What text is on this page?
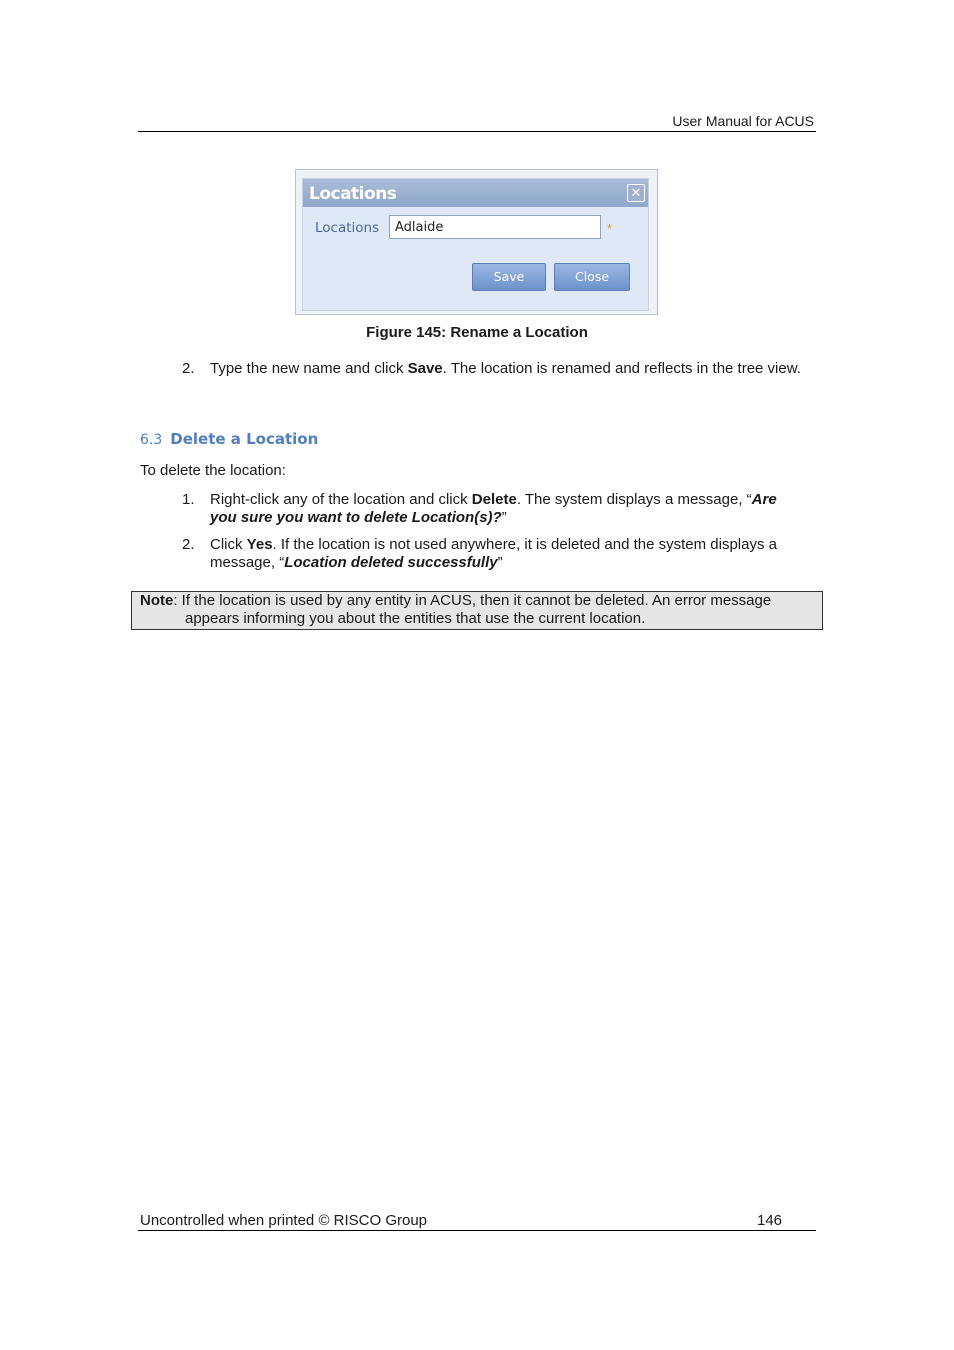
User Manual for ACUS
Locations	✕
Locations
Adlaide	*
Save	Close
Figure 145: Rename a Location
2. Type the new name and click Save. The location is renamed and reflects in the tree view.
6.3 Delete a Location
To delete the location:
1. Right-click any of the location and click Delete. The system displays a message, “Are you sure you want to delete Location(s)?”
2. Click Yes. If the location is not used anywhere, it is deleted and the system displays a message, “Location deleted successfully”
Note: If the location is used by any entity in ACUS, then it cannot be deleted. An error message
appears informing you about the entities that use the current location.
Uncontrolled when printed © RISCO Group	146
